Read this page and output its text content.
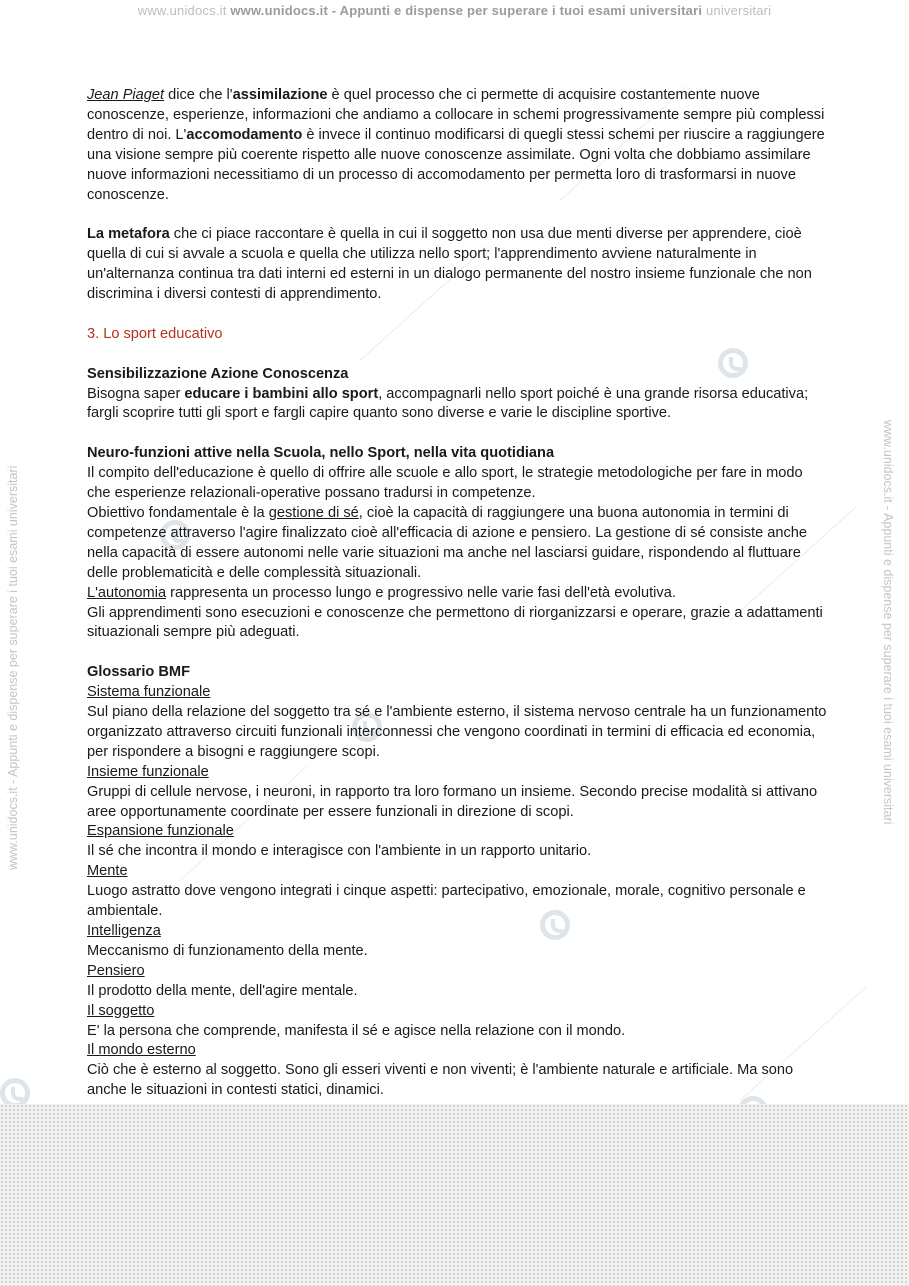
www.unidocs.it www.unidocs.it - Appunti e dispense per superare i tuoi esami universitari universitari
www.unidocs.it - Appunti e dispense per superare i tuoi esami universitari	www.unidocs.it - Appunti e dispense per superare i tuoi esami universitari

Jean Piaget dice che l'assimilazione è quel processo che ci permette di acquisire costantemente nuove conoscenze, esperienze, informazioni che andiamo a collocare in schemi progressivamente sempre più complessi dentro di noi. L'accomodamento è invece il continuo modificarsi di quegli stessi schemi per riuscire a raggiungere una visione sempre più coerente rispetto alle nuove conoscenze assimilate. Ogni volta che dobbiamo assimilare nuove informazioni necessitiamo di un processo di accomodamento per permetta loro di trasformarsi in nuove conoscenze.

La metafora che ci piace raccontare è quella in cui il soggetto non usa due menti diverse per apprendere, cioè quella di cui si avvale a scuola e quella che utilizza nello sport; l'apprendimento avviene naturalmente in un'alternanza continua tra dati interni ed esterni in un dialogo permanente del nostro insieme funzionale che non discrimina i diversi contesti di apprendimento.

3. Lo sport educativo

Sensibilizzazione Azione Conoscenza

Bisogna saper educare i bambini allo sport, accompagnarli nello sport poiché è una grande risorsa educativa; fargli scoprire tutti gli sport e fargli capire quanto sono diverse e varie le discipline sportive.

Neuro-funzioni attive nella Scuola, nello Sport, nella vita quotidiana

Il compito dell'educazione è quello di offrire alle scuole e allo sport, le strategie metodologiche per fare in modo che esperienze relazionali-operative possano tradursi in competenze.

Obiettivo fondamentale è la gestione di sé, cioè la capacità di raggiungere una buona autonomia in termini di competenze attraverso l'agire finalizzato cioè all'efficacia di azione e pensiero. La gestione di sé consiste anche nella capacità di essere autonomi nelle varie situazioni ma anche nel lasciarsi guidare, rispondendo al fluttuare delle problematicità e delle complessità situazionali.

L'autonomia rappresenta un processo lungo e progressivo nelle varie fasi dell'età evolutiva.

Gli apprendimenti sono esecuzioni e conoscenze che permettono di riorganizzarsi e operare, grazie a adattamenti situazionali sempre più adeguati.

Glossario BMF

Sistema funzionale

Sul piano della relazione del soggetto tra sé e l'ambiente esterno, il sistema nervoso centrale ha un funzionamento organizzato attraverso circuiti funzionali interconnessi che vengono coordinati in termini di efficacia ed economia, per rispondere a bisogni e raggiungere scopi.

Insieme funzionale

Gruppi di cellule nervose, i neuroni, in rapporto tra loro formano un insieme. Secondo precise modalità si attivano aree opportunamente coordinate per essere funzionali in direzione di scopi.

Espansione funzionale

Il sé che incontra il mondo e interagisce con l'ambiente in un rapporto unitario.

Mente

Luogo astratto dove vengono integrati i cinque aspetti: partecipativo, emozionale, morale, cognitivo personale e ambientale.

Intelligenza

Meccanismo di funzionamento della mente.

Pensiero

Il prodotto della mente, dell'agire mentale.

Il soggetto

E' la persona che comprende, manifesta il sé e agisce nella relazione con il mondo.

Il mondo esterno

Ciò che è esterno al soggetto. Sono gli esseri viventi e non viventi; è l'ambiente naturale e artificiale. Ma sono anche le situazioni in contesti statici, dinamici.
